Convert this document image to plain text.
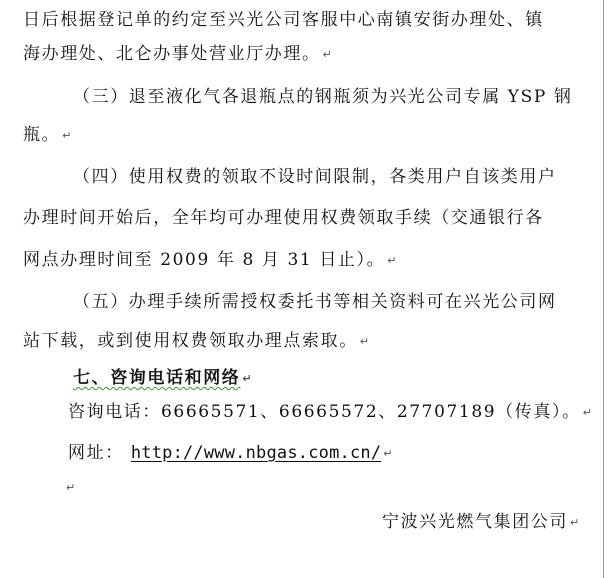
日后根据登记单的约定至兴光公司客服中心南镇安街办理处、镇
海办理处、北仑办事处营业厅办理。 ↵
（三）退至液化气各退瓶点的钢瓶须为兴光公司专属 YSP 钢
瓶。 ↵
（四）使用权费的领取不设时间限制，各类用户自该类用户
办理时间开始后，全年均可办理使用权费领取手续（交通银行各
网点办理时间至 2009 年 8 月 31 日止）。 ↵
（五）办理手续所需授权委托书等相关资料可在兴光公司网
站下载，或到使用权费领取办理点索取。 ↵
七、咨询电话和网络 ↵
咨询电话：66665571、66665572、27707189（传真）。 ↵
网址： http://www.nbgas.com.cn/ ↵
↵
宁波兴光燃气集团公司 ↵
